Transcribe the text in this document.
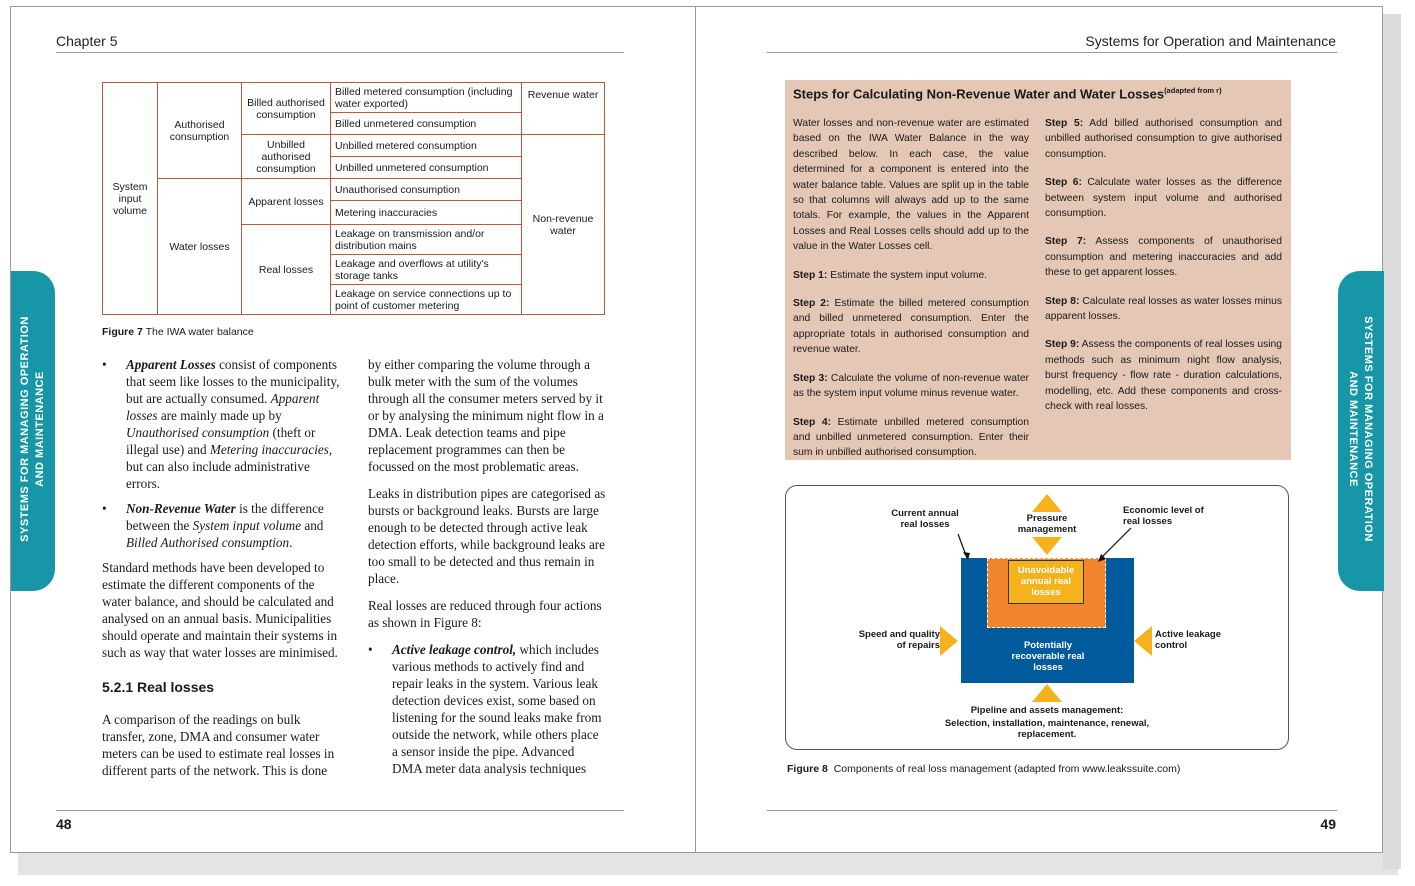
Chapter 5
System input volume	Authorised consumption	Billed authorised consumption	Billed metered consumption (including water exported)	Revenue water
			Billed unmetered consumption	
		Unbilled authorised consumption	Unbilled metered consumption	Non-revenue water
			Unbilled unmetered consumption	
	Water losses	Apparent losses	Unauthorised consumption	
			Metering inaccuracies	
		Real losses	Leakage on transmission and/or distribution mains	
			Leakage and overflows at utility's storage tanks	
			Leakage on service connections up to point of customer metering	
Figure 7 The IWA water balance
•	Apparent Losses consist of components that seem like losses to the municipality, but are actually consumed. Apparent losses are mainly made up by Unauthorised consumption (theft or illegal use) and Metering inaccuracies, but can also include administrative errors.
•	Non-Revenue Water is the difference between the System input volume and Billed Authorised consumption.

Standard methods have been developed to estimate the different components of the water balance, and should be calculated and analysed on an annual basis. Municipalities should operate and maintain their systems in such as way that water losses are minimised.

5.2.1 Real losses

A comparison of the readings on bulk transfer, zone, DMA and consumer water meters can be used to estimate real losses in different parts of the network. This is done

by either comparing the volume through a bulk meter with the sum of the volumes through all the consumer meters served by it or by analysing the minimum night flow in a DMA. Leak detection teams and pipe replacement programmes can then be focussed on the most problematic areas.

Leaks in distribution pipes are categorised as bursts or background leaks. Bursts are large enough to be detected through active leak detection efforts, while background leaks are too small to be detected and thus remain in place.

Real losses are reduced through four actions as shown in Figure 8:

•	Active leakage control, which includes various methods to actively find and repair leaks in the system. Various leak detection devices exist, some based on listening for the sound leaks make from outside the network, while others place a sensor inside the pipe. Advanced DMA meter data analysis techniques
48
SYSTEMS FOR MANAGING OPERATION AND MAINTENANCE
Systems for Operation and Maintenance
Steps for Calculating Non-Revenue Water and Water Losses$^{(adapted from r)}$

Water losses and non-revenue water are estimated based on the IWA Water Balance in the way described below. In each case, the value determined for a component is entered into the water balance table. Values are split up in the table so that columns will always add up to the same totals. For example, the values in the Apparent Losses and Real Losses cells should add up to the value in the Water Losses cell.

Step 1: Estimate the system input volume.

Step 2: Estimate the billed metered consumption and billed unmetered consumption. Enter the appropriate totals in authorised consumption and revenue water.

Step 3: Calculate the volume of non-revenue water as the system input volume minus revenue water.

Step 4: Estimate unbilled metered consumption and unbilled unmetered consumption. Enter their sum in unbilled authorised consumption.

Step 5: Add billed authorised consumption and unbilled authorised consumption to give authorised consumption.

Step 6: Calculate water losses as the difference between system input volume and authorised consumption.

Step 7: Assess components of unauthorised consumption and metering inaccuracies and add these to get apparent losses.

Step 8: Calculate real losses as water losses minus apparent losses.

Step 9: Assess the components of real losses using methods such as minimum night flow analysis, burst frequency - flow rate - duration calculations, modelling, etc. Add these components and cross-check with real losses.

Unavoidable annual real losses
Potentially recoverable real losses
Pressure management
Speed and quality of repairs
Active leakage control
Pipeline and assets management:
Selection, installation, maintenance, renewal, replacement.
Current annual real losses
Economic level of real losses
Figure 8 Components of real loss management (adapted from www.leakssuite.com)
49
SYSTEMS FOR MANAGING OPERATION
AND MAINTENANCE
